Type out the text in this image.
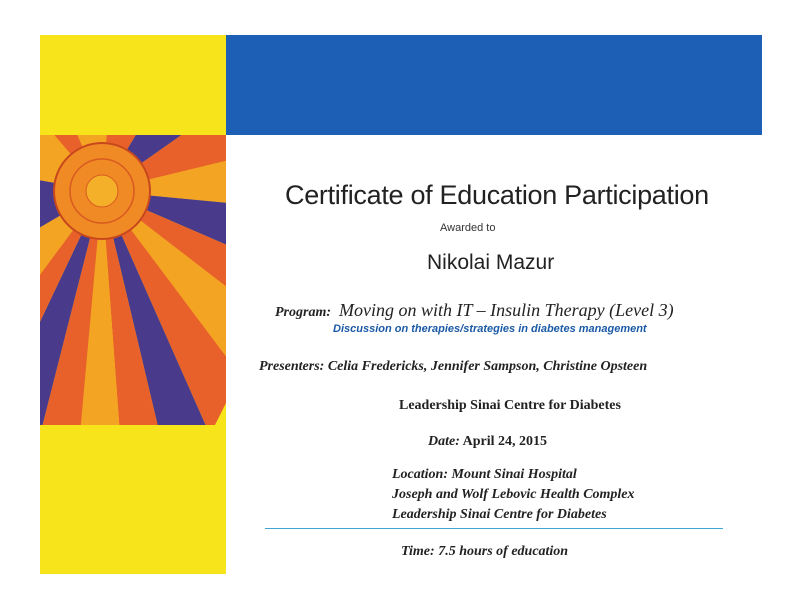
Certificate of Education Participation
Awarded to
Nikolai Mazur
Program: Moving on with IT – Insulin Therapy (Level 3)
Discussion on therapies/strategies in diabetes management
Presenters: Celia Fredericks, Jennifer Sampson, Christine Opsteen
Leadership Sinai Centre for Diabetes
Date: April 24, 2015
Location: Mount Sinai Hospital
Joseph and Wolf Lebovic Health Complex
Leadership Sinai Centre for Diabetes
Time: 7.5 hours of education
